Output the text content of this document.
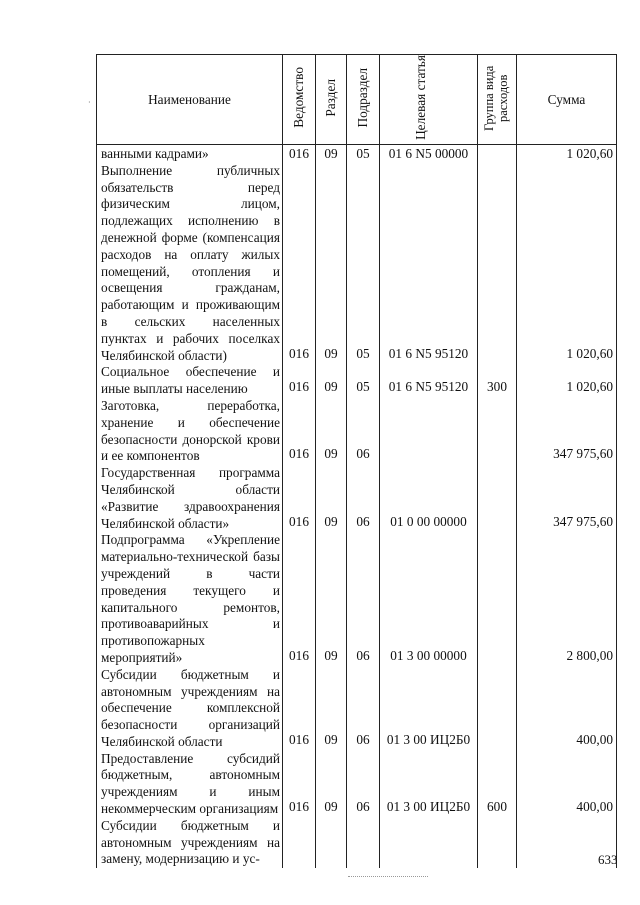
Наименование	Ведомство	Раздел	Подраздел	Целевая статья	Группа вида расходов	Сумма
ванными кадрами»	016	09	05	01 6 N5 00000		1 020,60
Выполнение публичных обязательств перед физическим лицом, подлежащих исполнению в денежной форме (компенсация расходов на оплату жилых помещений, отопления и освещения гражданам, работающим и проживающим в сельских населенных пунктах и рабочих поселках Челябинской области)	016	09	05	01 6 N5 95120		1 020,60
Социальное обеспечение и иные выплаты населению	016	09	05	01 6 N5 95120	300	1 020,60
Заготовка, переработка, хранение и обеспечение безопасности донорской крови и ее компонентов	016	09	06			347 975,60
Государственная программа Челябинской области «Развитие здравоохранения Челябинской области»	016	09	06	01 0 00 00000		347 975,60
Подпрограмма «Укрепление материально-технической базы учреждений в части проведения текущего и капитального ремонтов, противоаварийных и противопожарных мероприятий»	016	09	06	01 3 00 00000		2 800,00
Субсидии бюджетным и автономным учреждениям на обеспечение комплексной безопасности организаций Челябинской области	016	09	06	01 3 00 ИЦ2Б0		400,00
Предоставление субсидий бюджетным, автономным учреждениям и иным некоммерческим организациям	016	09	06	01 3 00 ИЦ2Б0	600	400,00
Субсидии бюджетным и автономным учреждениям на замену, модернизацию и ус-						
·
633
